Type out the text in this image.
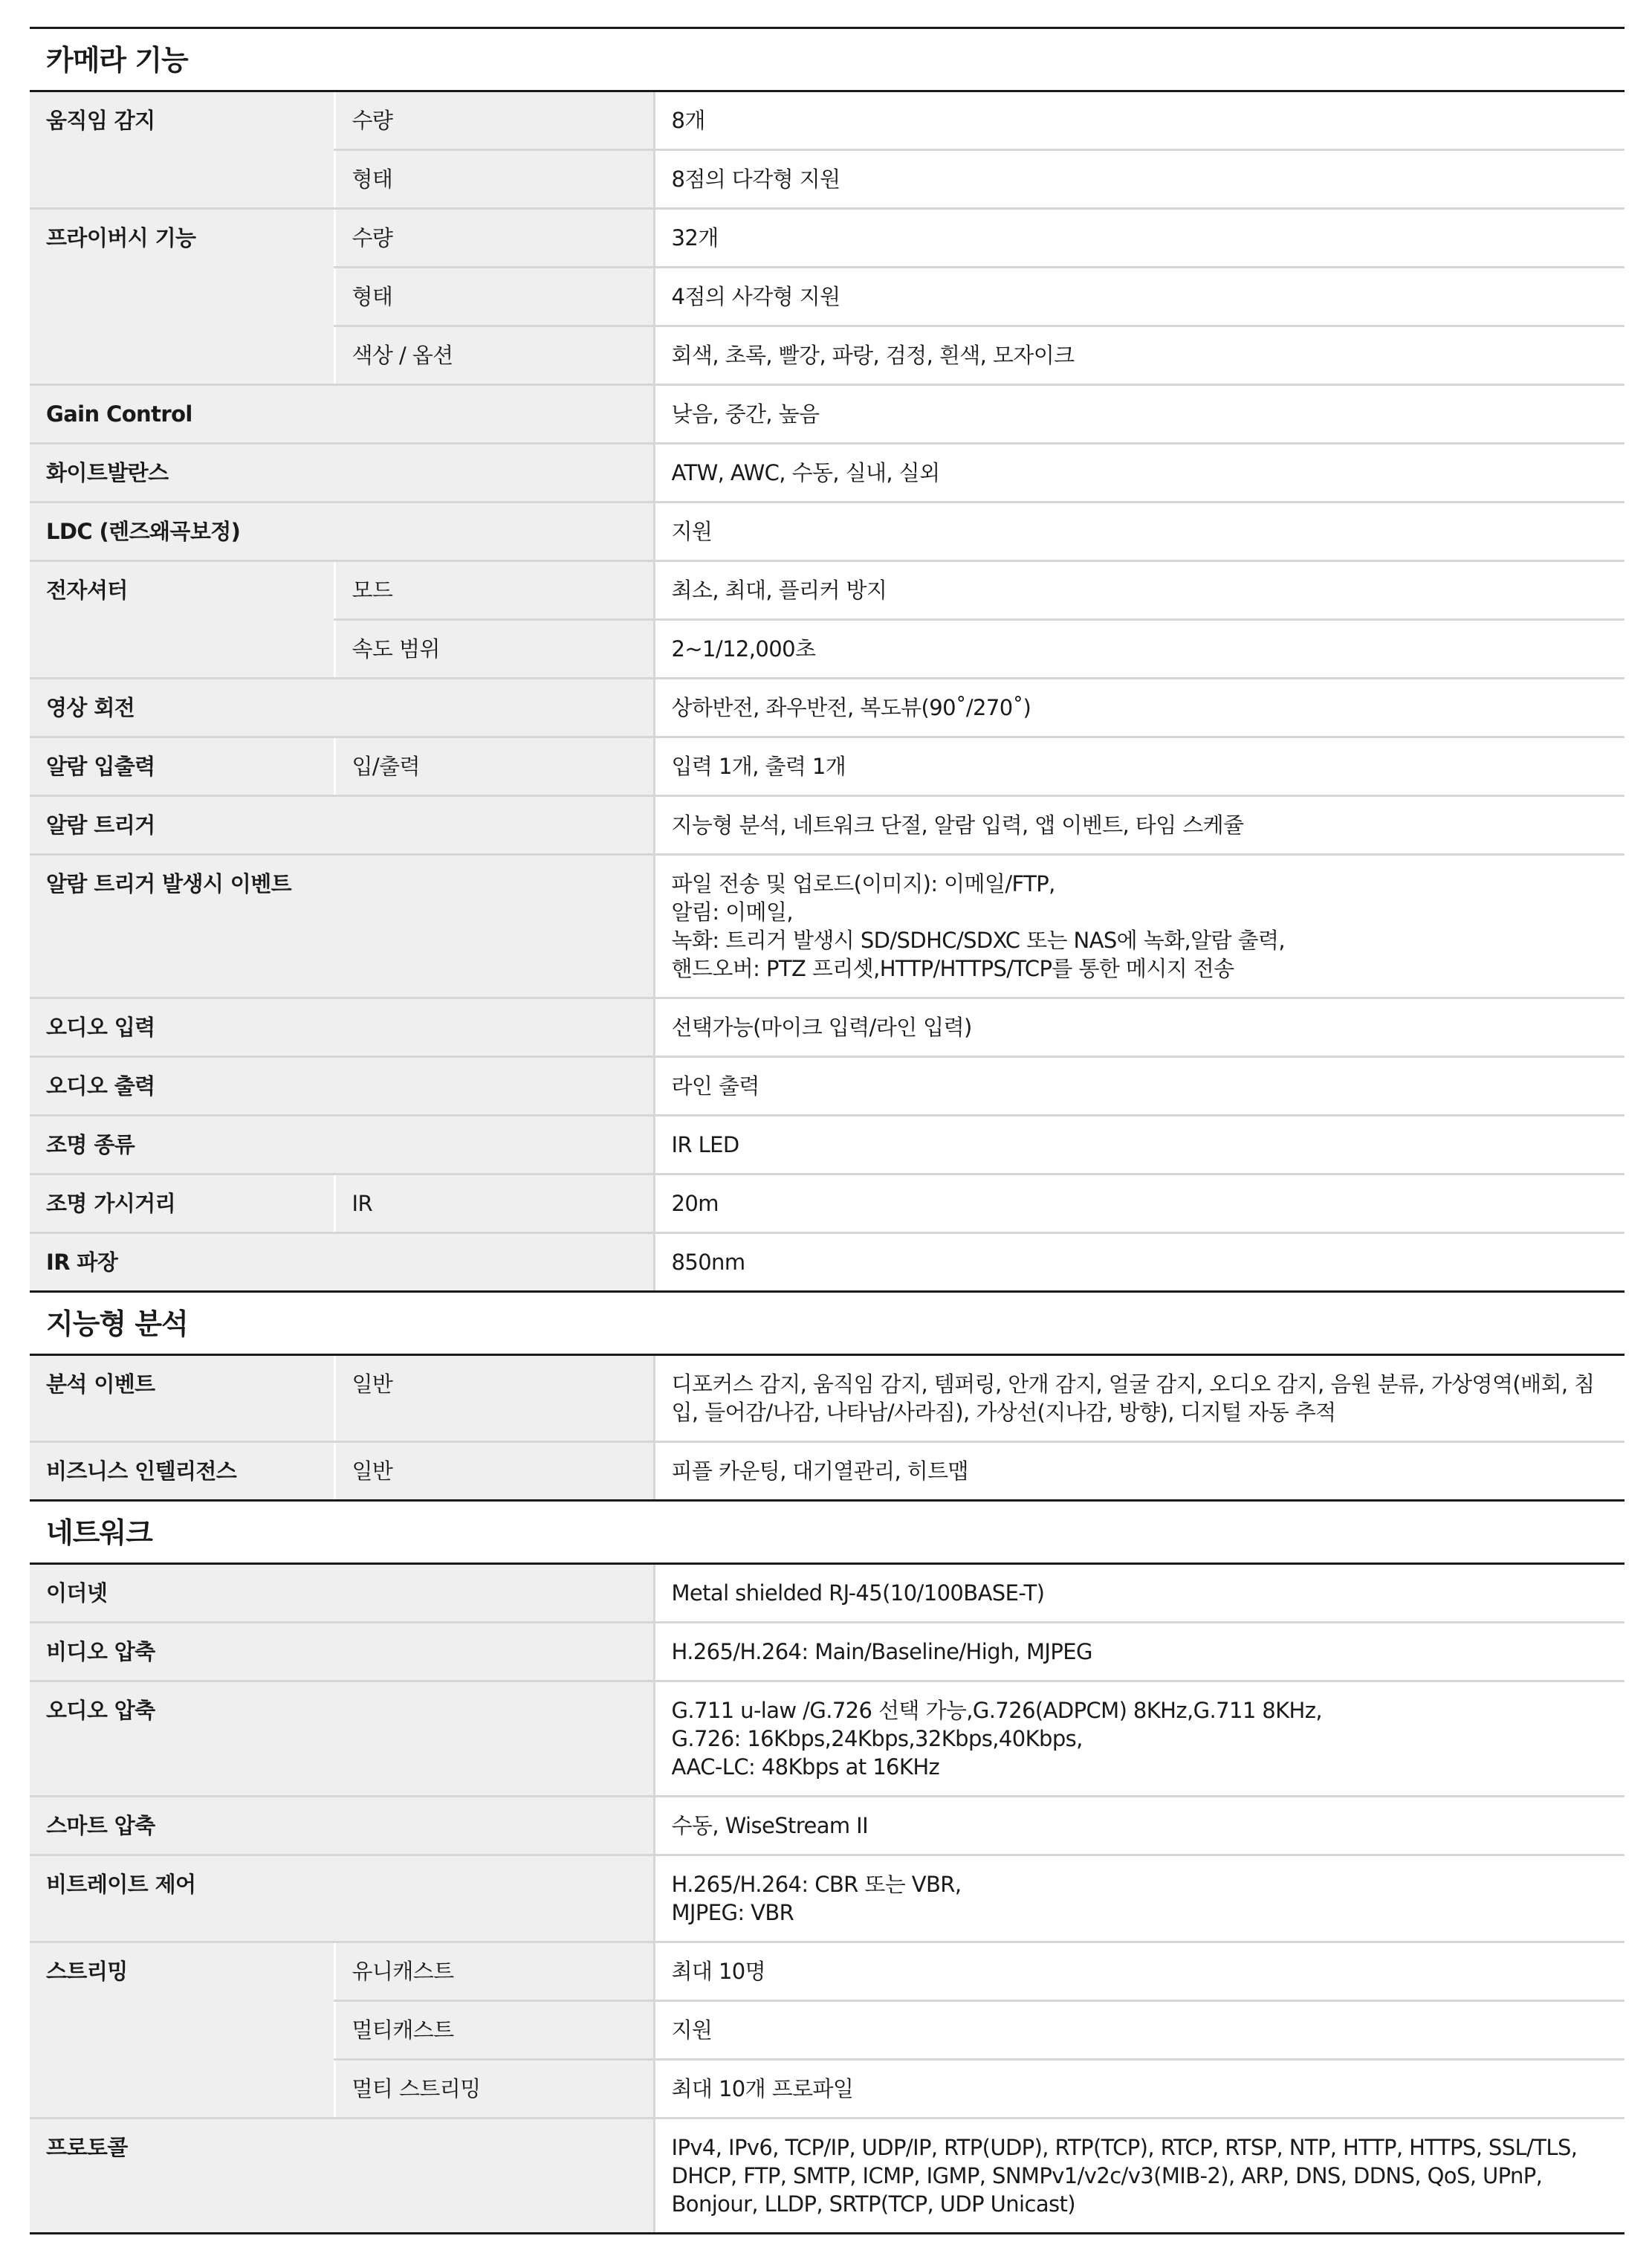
카메라 기능
움직임 감지	수량	8개
	형태	8점의 다각형 지원
프라이버시 기능	수량	32개
	형태	4점의 사각형 지원
	색상 / 옵션	회색, 초록, 빨강, 파랑, 검정, 흰색, 모자이크
Gain Control		낮음, 중간, 높음
화이트발란스		ATW, AWC, 수동, 실내, 실외
LDC (렌즈왜곡보정)		지원
전자셔터	모드	최소, 최대, 플리커 방지
	속도 범위	2~1/12,000초
영상 회전		상하반전, 좌우반전, 복도뷰(90˚/270˚)
알람 입출력	입/출력	입력 1개, 출력 1개
알람 트리거		지능형 분석, 네트워크 단절, 알람 입력, 앱 이벤트, 타임 스케쥴
알람 트리거 발생시 이벤트		파일 전송 및 업로드(이미지): 이메일/FTP,
알림: 이메일,
녹화: 트리거 발생시 SD/SDHC/SDXC 또는 NAS에 녹화,알람 출력,
핸드오버: PTZ 프리셋,HTTP/HTTPS/TCP를 통한 메시지 전송
오디오 입력		선택가능(마이크 입력/라인 입력)
오디오 출력		라인 출력
조명 종류		IR LED
조명 가시거리	IR	20m
IR 파장		850nm
지능형 분석
분석 이벤트	일반	디포커스 감지, 움직임 감지, 템퍼링, 안개 감지, 얼굴 감지, 오디오 감지, 음원 분류, 가상영역(배회, 침입, 들어감/나감, 나타남/사라짐), 가상선(지나감, 방향), 디지털 자동 추적
비즈니스 인텔리전스	일반	피플 카운팅, 대기열관리, 히트맵
네트워크
이더넷		Metal shielded RJ-45(10/100BASE-T)
비디오 압축		H.265/H.264: Main/Baseline/High, MJPEG
오디오 압축		G.711 u-law /G.726 선택 가능,G.726(ADPCM) 8KHz,G.711 8KHz,
G.726: 16Kbps,24Kbps,32Kbps,40Kbps,
AAC-LC: 48Kbps at 16KHz
스마트 압축		수동, WiseStream II
비트레이트 제어		H.265/H.264: CBR 또는 VBR,
MJPEG: VBR
스트리밍	유니캐스트	최대 10명
	멀티캐스트	지원
	멀티 스트리밍	최대 10개 프로파일
프로토콜		IPv4, IPv6, TCP/IP, UDP/IP, RTP(UDP), RTP(TCP), RTCP, RTSP, NTP, HTTP, HTTPS, SSL/TLS, DHCP, FTP, SMTP, ICMP, IGMP, SNMPv1/v2c/v3(MIB-2), ARP, DNS, DDNS, QoS, UPnP, Bonjour, LLDP, SRTP(TCP, UDP Unicast)
